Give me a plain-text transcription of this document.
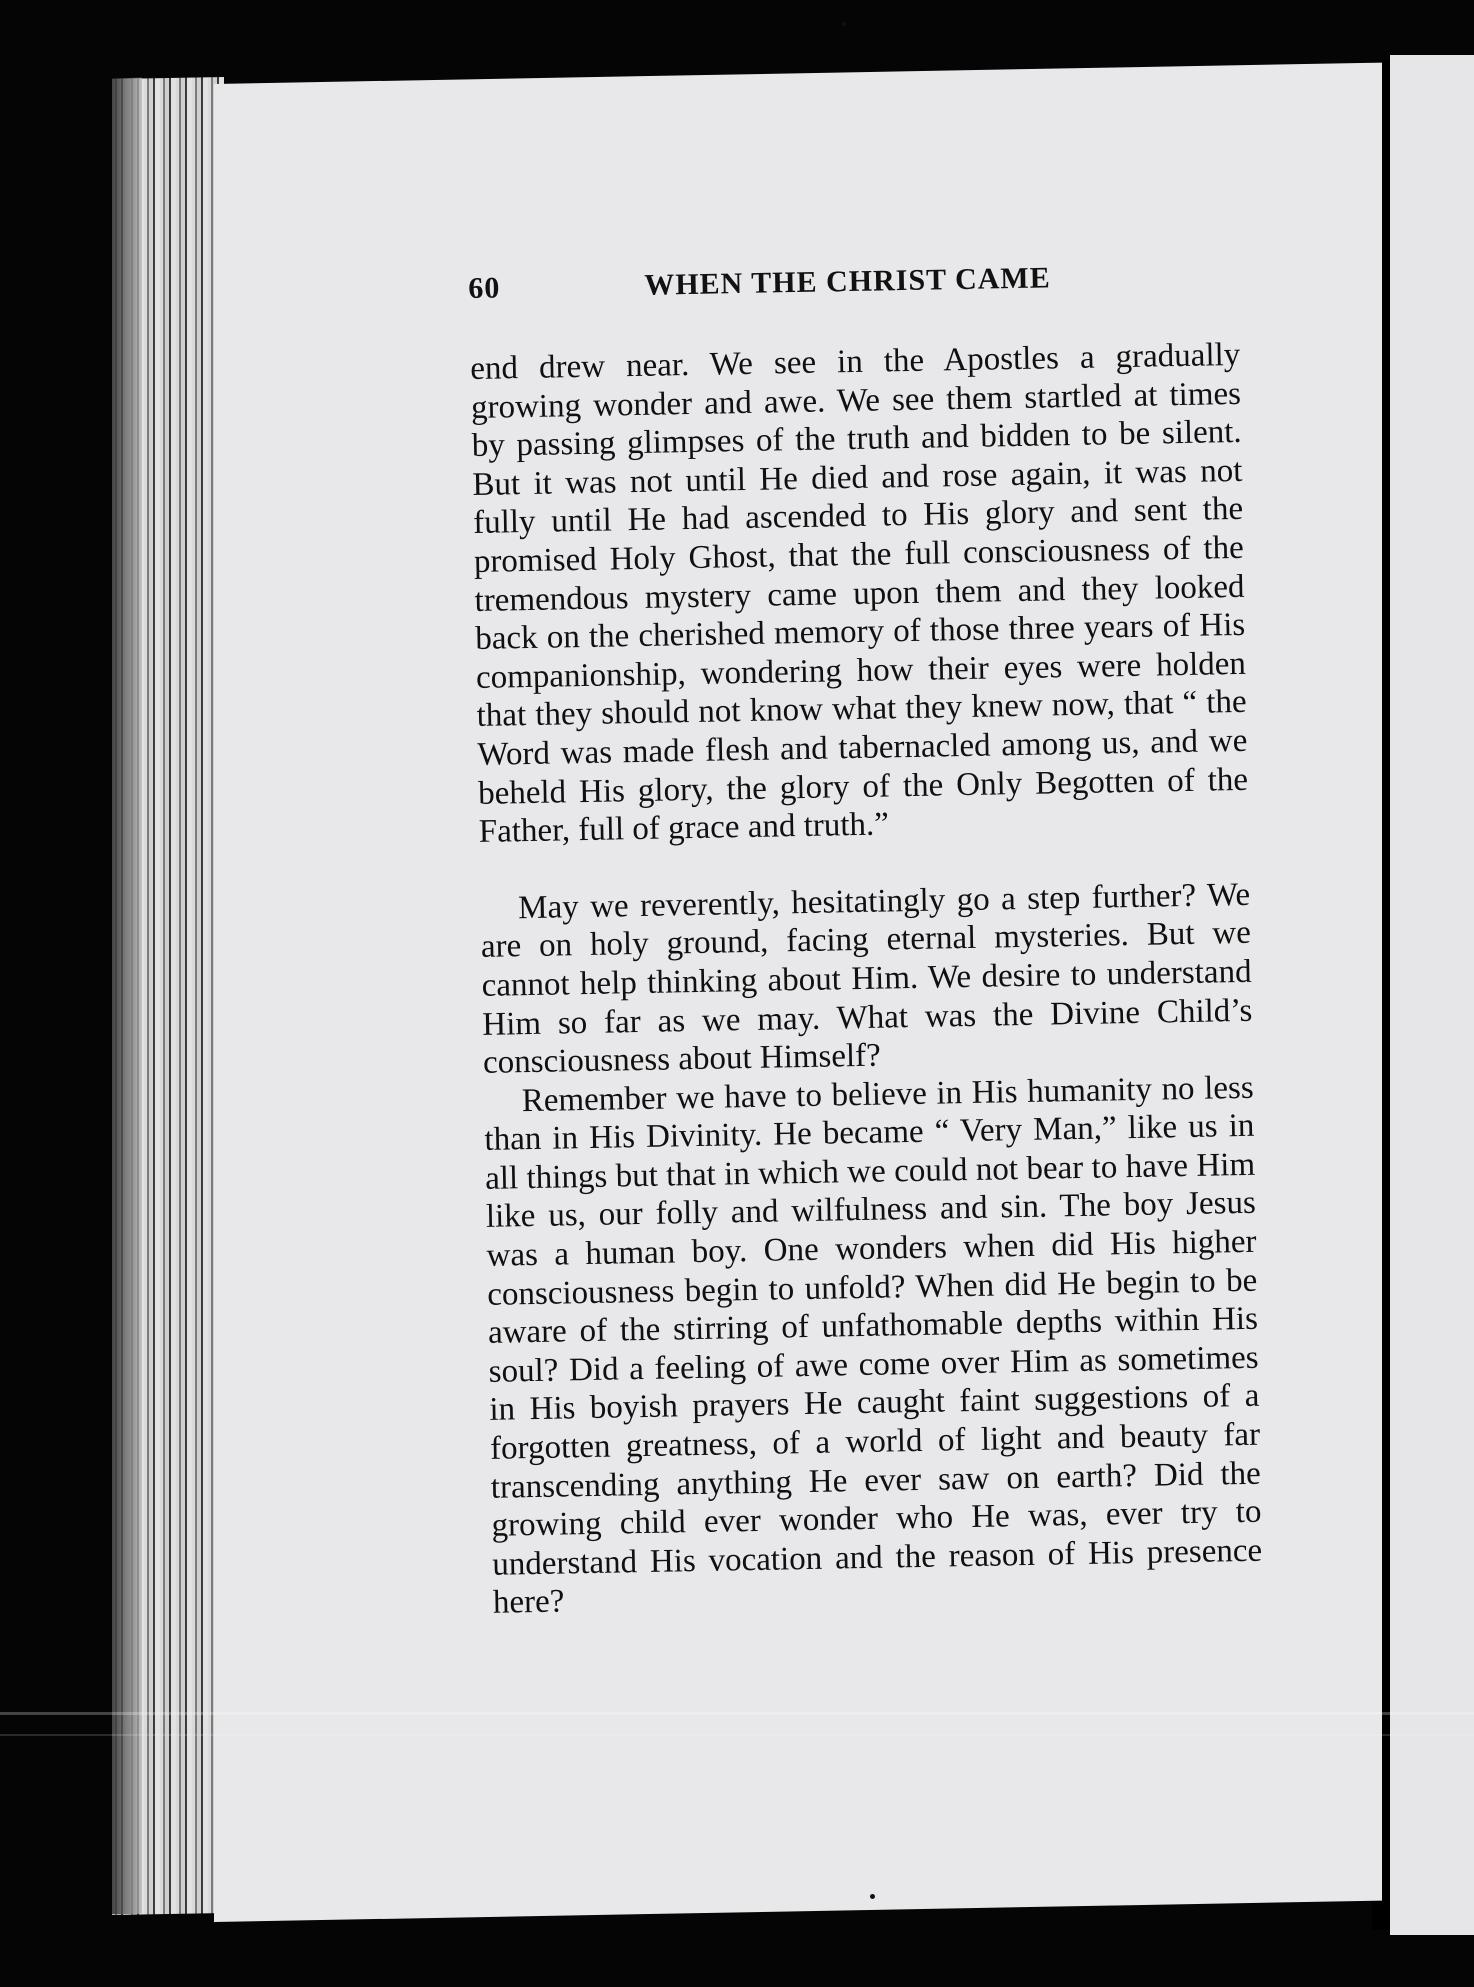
60	WHEN THE CHRIST CAME

end drew near. We see in the Apostles a gradually growing wonder and awe. We see them startled at times by passing glimpses of the truth and bidden to be silent. But it was not until He died and rose again, it was not fully until He had ascended to His glory and sent the promised Holy Ghost, that the full consciousness of the tremendous mystery came upon them and they looked back on the cherished memory of those three years of His companionship, wondering how their eyes were holden that they should not know what they knew now, that “ the Word was made flesh and tabernacled among us, and we beheld His glory, the glory of the Only Begotten of the Father, full of grace and truth.”

May we reverently, hesitatingly go a step further? We are on holy ground, facing eternal mysteries. But we cannot help thinking about Him. We desire to understand Him so far as we may. What was the Divine Child’s consciousness about Himself?

Remember we have to believe in His humanity no less than in His Divinity. He became “ Very Man,” like us in all things but that in which we could not bear to have Him like us, our folly and wilfulness and sin. The boy Jesus was a human boy. One wonders when did His higher consciousness begin to unfold? When did He begin to be aware of the stirring of unfathomable depths within His soul? Did a feeling of awe come over Him as sometimes in His boyish prayers He caught faint suggestions of a forgotten greatness, of a world of light and beauty far transcending anything He ever saw on earth? Did the growing child ever wonder who He was, ever try to understand His vocation and the reason of His presence here?
